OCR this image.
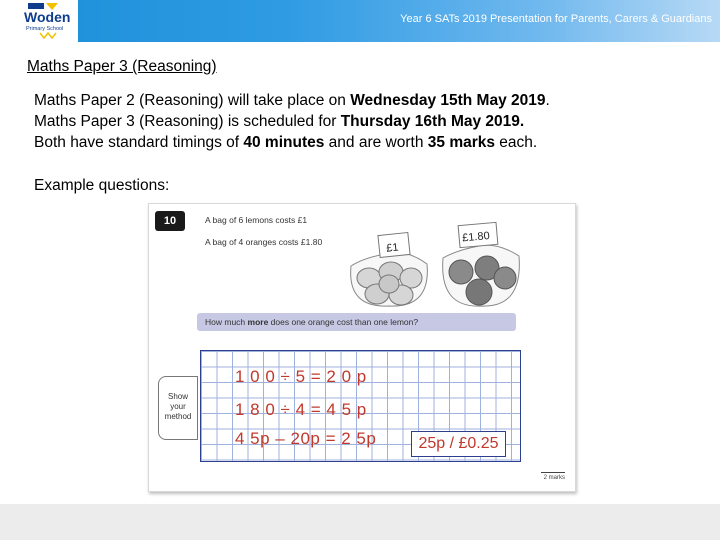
Woden
Primary School
Year 6 SATs 2019 Presentation for Parents, Carers & Guardians
Maths Paper 3 (Reasoning)
Maths Paper 2 (Reasoning) will take place on Wednesday 15th May 2019.
Maths Paper 3 (Reasoning) is scheduled for Thursday 16th May 2019.
Both have standard timings of 40 minutes and are worth 35 marks each.
Example questions:
10	A bag of 6 lemons costs £1
A bag of 4 oranges costs £1.80	£1
£1.80
How much more does one orange cost than one lemon?
Show
your
method
1 0 0 ÷ 5 = 2 0 p
1 8 0 ÷ 4 = 4 5 p
4 5p – 20p = 2 5p	25p / £0.25
2 marks
